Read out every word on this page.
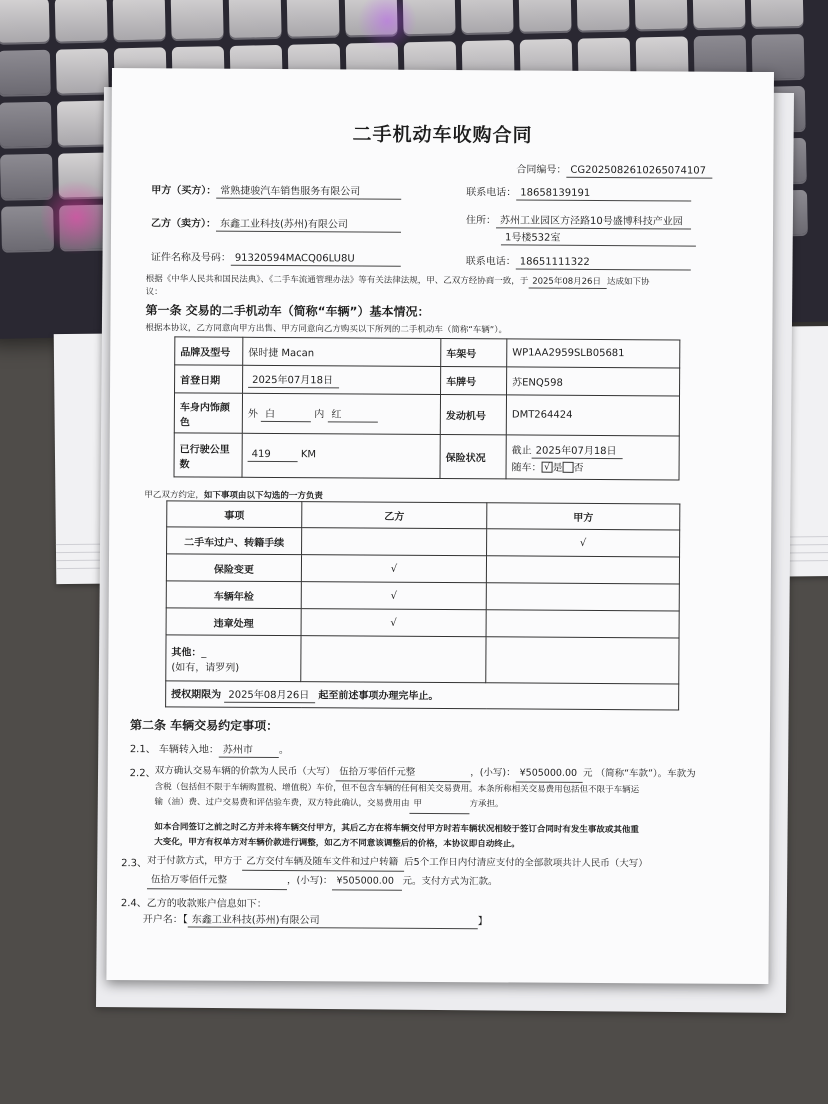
二手机动车收购合同
合同编号： CG2025082610265074107
甲方（买方）： 常熟捷骏汽车销售服务有限公司	联系电话： 18658139191
乙方（卖方）： 东鑫工业科技(苏州)有限公司	住所： 苏州工业园区方泾路10号盛博科技产业园
1号楼532室
证件名称及号码： 91320594MACQ06LU8U	联系电话： 18651111322
根据《中华人民共和国民法典》、《二手车流通管理办法》等有关法律法规，甲、乙双方经协商一致，于 2025年08月26日 达成如下协
议：
第一条 交易的二手机动车（简称“车辆”）基本情况：
根据本协议，乙方同意向甲方出售、甲方同意向乙方购买以下所列的二手机动车（简称“车辆”）。
品牌及型号	保时捷 Macan	车架号	WP1AA2959SLB05681
首登日期	2025年07月18日	车牌号	苏ENQ598
车身内饰颜色	外 白 内 红	发动机号	DMT264424
已行驶公里数	419 KM	保险状况	截止 2025年07月18日
随车： √ 是 否
甲乙双方约定，如下事项由以下勾选的一方负责
事项	乙方	甲方
二手车过户、转籍手续		√
保险变更	√	
车辆年检	√	
违章处理	√	

其他：_
(如有，请罗列)		

授权期限为 2025年08月26日 起至前述事项办理完毕止。		
第二条 车辆交易约定事项：
2.1、 车辆转入地： 苏州市	。
2.2、 双方确认交易车辆的价款为人民币（大写） 伍拾万零佰仟元整	，(小写)： ¥505000.00 元 （简称“车款”）。车款为
含税（包括但不限于车辆购置税、增值税）车价，但不包含车辆的任何相关交易费用。本条所称相关交易费用包括但不限于车辆运
输（油）费、过户交易费和评估验车费，双方特此确认，交易费用由 甲	方承担。
如本合同签订之前之时乙方并未将车辆交付甲方，其后乙方在将车辆交付甲方时若车辆状况相较于签订合同时有发生事故或其他重
大变化，甲方有权单方对车辆价款进行调整，如乙方不同意该调整后的价格，本协议即自动终止。
2.3、 对于付款方式，甲方于 乙方交付车辆及随车文件和过户转籍 后5个工作日内付清应支付的全部款项共计人民币（大写）
伍拾万零佰仟元整	，(小写)： ¥505000.00 元。支付方式为汇款。
2.4、乙方的收款账户信息如下：
开户名：【 东鑫工业科技(苏州)有限公司	】
